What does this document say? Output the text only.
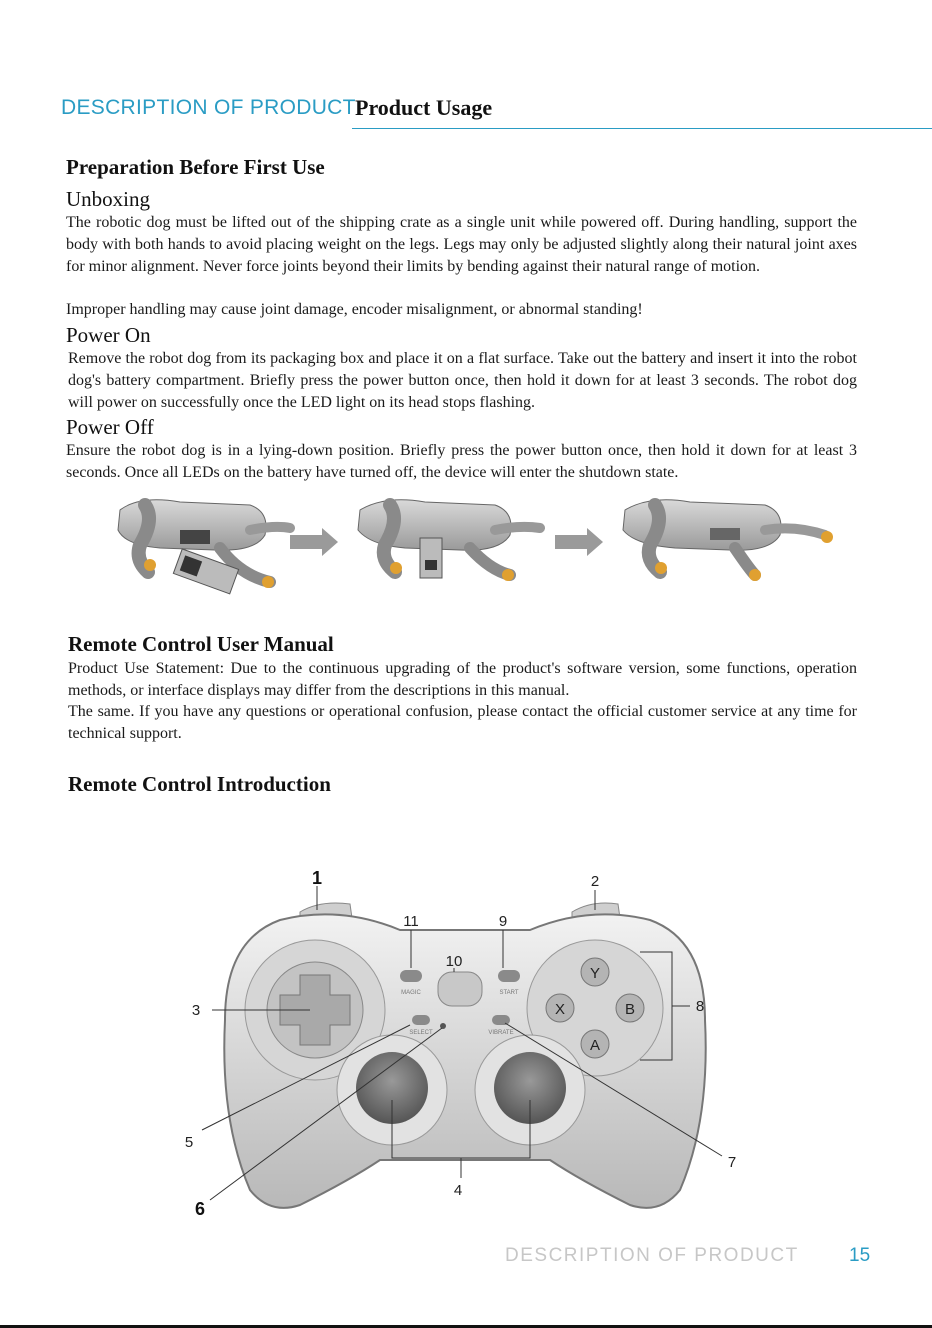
DESCRIPTION OF PRODUCT Product Usage
Preparation Before First Use
Unboxing

The robotic dog must be lifted out of the shipping crate as a single unit while powered off. During handling, support the body with both hands to avoid placing weight on the legs. Legs may only be adjusted slightly along their natural joint axes for minor alignment. Never force joints beyond their limits by bending against their natural range of motion.

Improper handling may cause joint damage, encoder misalignment, or abnormal standing!

Power On

Remove the robot dog from its packaging box and place it on a flat surface. Take out the battery and insert it into the robot dog's battery compartment. Briefly press the power button once, then hold it down for at least 3 seconds. The robot dog will power on successfully once the LED light on its head stops flashing.

Power Off

Ensure the robot dog is in a lying-down position. Briefly press the power button once, then hold it down for at least 3 seconds. Once all LEDs on the battery have turned off, the device will enter the shutdown state.

Remote Control User Manual

Product Use Statement: Due to the continuous upgrading of the product's software version, some functions, operation methods, or interface displays may differ from the descriptions in this manual.

The same. If you have any questions or operational confusion, please contact the official customer service at any time for technical support.

Remote Control Introduction
Y
X	B
A
MAGIC	START
SELECT	VIBRATE
1	2
3
4
5
6
7
8
9
10
11
DESCRIPTION OF PRODUCT	15
